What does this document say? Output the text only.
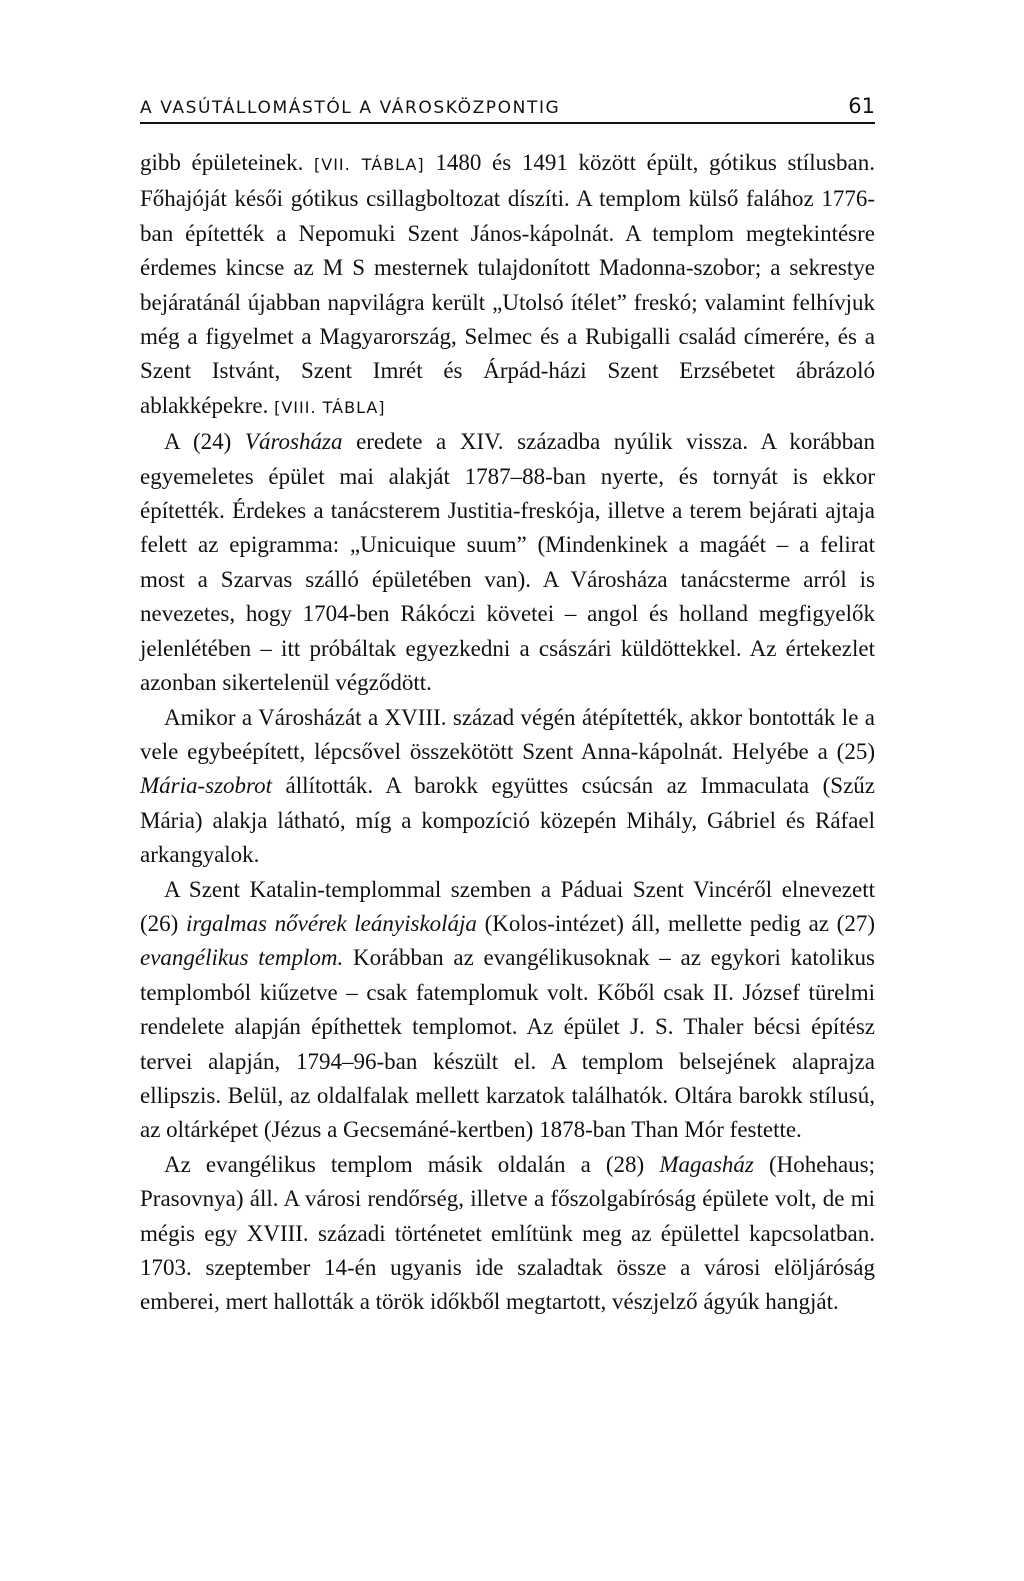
A VASÚTÁLLOMÁSTÓL A VÁROSKÖZPONTIG	61

gibb épületeinek. [VII. TÁBLA] 1480 és 1491 között épült, gótikus stílusban. Főhajóját késői gótikus csillagboltozat díszíti. A templom külső falához 1776-ban építették a Nepomuki Szent János-kápolnát. A templom megtekintésre érdemes kincse az M S mesternek tulajdonított Madonna-szobor; a sekrestye bejáratánál újabban napvilágra került „Utolsó ítélet” freskó; valamint felhívjuk még a figyelmet a Magyarország, Selmec és a Rubigalli család címerére, és a Szent Istvánt, Szent Imrét és Árpád-házi Szent Erzsébetet ábrázoló ablakképekre. [VIII. TÁBLA]

A (24) Városháza eredete a XIV. századba nyúlik vissza. A korábban egyemeletes épület mai alakját 1787–88-ban nyerte, és tornyát is ekkor építették. Érdekes a tanácsterem Justitia-freskója, illetve a terem bejárati ajtaja felett az epigramma: „Unicuique suum” (Mindenkinek a magáét – a felirat most a Szarvas szálló épületében van). A Városháza tanácsterme arról is nevezetes, hogy 1704-ben Rákóczi követei – angol és holland megfigyelők jelenlétében – itt próbáltak egyezkedni a császári küldöttekkel. Az értekezlet azonban sikertelenül végződött.

Amikor a Városházát a XVIII. század végén átépítették, akkor bontották le a vele egybeépített, lépcsővel összekötött Szent Anna-kápolnát. Helyébe a (25) Mária-szobrot állították. A barokk együttes csúcsán az Immaculata (Szűz Mária) alakja látható, míg a kompozíció közepén Mihály, Gábriel és Ráfael arkangyalok.

A Szent Katalin-templommal szemben a Páduai Szent Vincéről elnevezett (26) irgalmas nővérek leányiskolája (Kolos-intézet) áll, mellette pedig az (27) evangélikus templom. Korábban az evangélikusoknak – az egykori katolikus templomból kiűzetve – csak fatemplomuk volt. Kőből csak II. József türelmi rendelete alapján építhettek templomot. Az épület J. S. Thaler bécsi építész tervei alapján, 1794–96-ban készült el. A templom belsejének alaprajza ellipszis. Belül, az oldalfalak mellett karzatok találhatók. Oltára barokk stílusú, az oltárképet (Jézus a Gecsemáné-kertben) 1878-ban Than Mór festette.

Az evangélikus templom másik oldalán a (28) Magasház (Hohehaus; Prasovnya) áll. A városi rendőrség, illetve a főszolgabíróság épülete volt, de mi mégis egy XVIII. századi történetet említünk meg az épülettel kapcsolatban. 1703. szeptember 14-én ugyanis ide szaladtak össze a városi elöljáróság emberei, mert hallották a török időkből megtartott, vészjelző ágyúk hangját.
